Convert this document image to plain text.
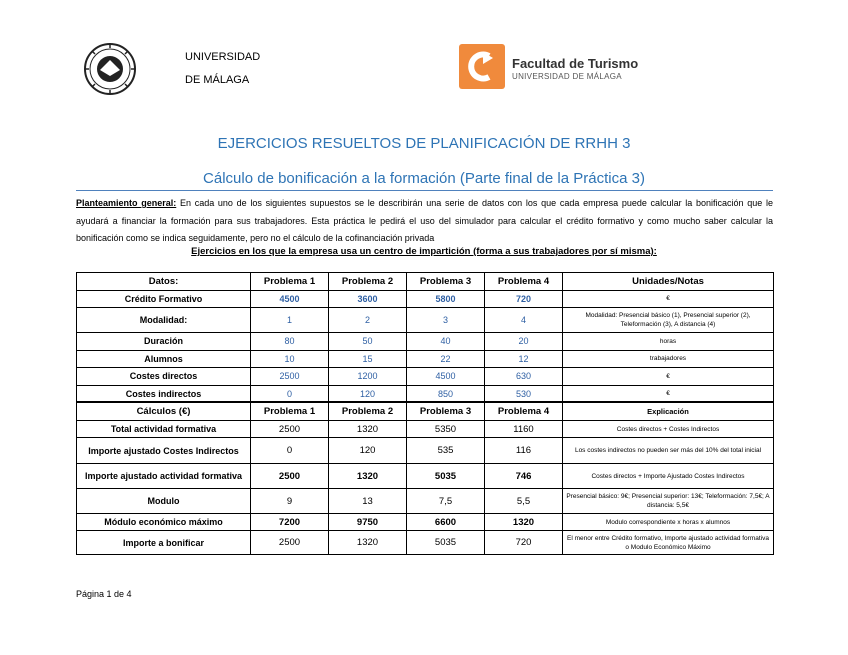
UNIVERSIDAD
DE MÁLAGA
Facultad de Turismo
UNIVERSIDAD DE MÁLAGA
EJERCICIOS RESUELTOS DE PLANIFICACIÓN DE RRHH 3
Cálculo de bonificación a la formación (Parte final de la Práctica 3)
Planteamiento general: En cada uno de los siguientes supuestos se le describirán una serie de datos con los que cada empresa puede calcular la bonificación que le ayudará a financiar la formación para sus trabajadores. Esta práctica le pedirá el uso del simulador para calcular el crédito formativo y como mucho saber calcular la bonificación como se indica seguidamente, pero no el cálculo de la cofinanciación privada
Ejercicios en los que la empresa usa un centro de impartición (forma a sus trabajadores por sí misma):
Datos:	Problema 1	Problema 2	Problema 3	Problema 4	Unidades/Notas
Crédito Formativo	4500	3600	5800	720	€
Modalidad:	1	2	3	4	Modalidad: Presencial básico (1), Presencial superior (2), Teleformación (3), A distancia (4)
Duración	80	50	40	20	horas
Alumnos	10	15	22	12	trabajadores
Costes directos	2500	1200	4500	630	€
Costes indirectos	0	120	850	530	€
Cálculos (€)	Problema 1	Problema 2	Problema 3	Problema 4	Explicación
Total actividad formativa	2500	1320	5350	1160	Costes directos + Costes Indirectos
Importe ajustado Costes Indirectos	0	120	535	116	Los costes indirectos no pueden ser más del 10% del total inicial
Importe ajustado actividad formativa	2500	1320	5035	746	Costes directos + Importe Ajustado Costes Indirectos
Modulo	9	13	7,5	5,5	Presencial básico: 9€; Presencial superior: 13€; Teleformación: 7,5€; A distancia: 5,5€
Módulo económico máximo	7200	9750	6600	1320	Modulo correspondiente x horas x alumnos
Importe a bonificar	2500	1320	5035	720	El menor entre Crédito formativo, Importe ajustado actividad formativa o Modulo Económico Máximo
Página 1 de 4
